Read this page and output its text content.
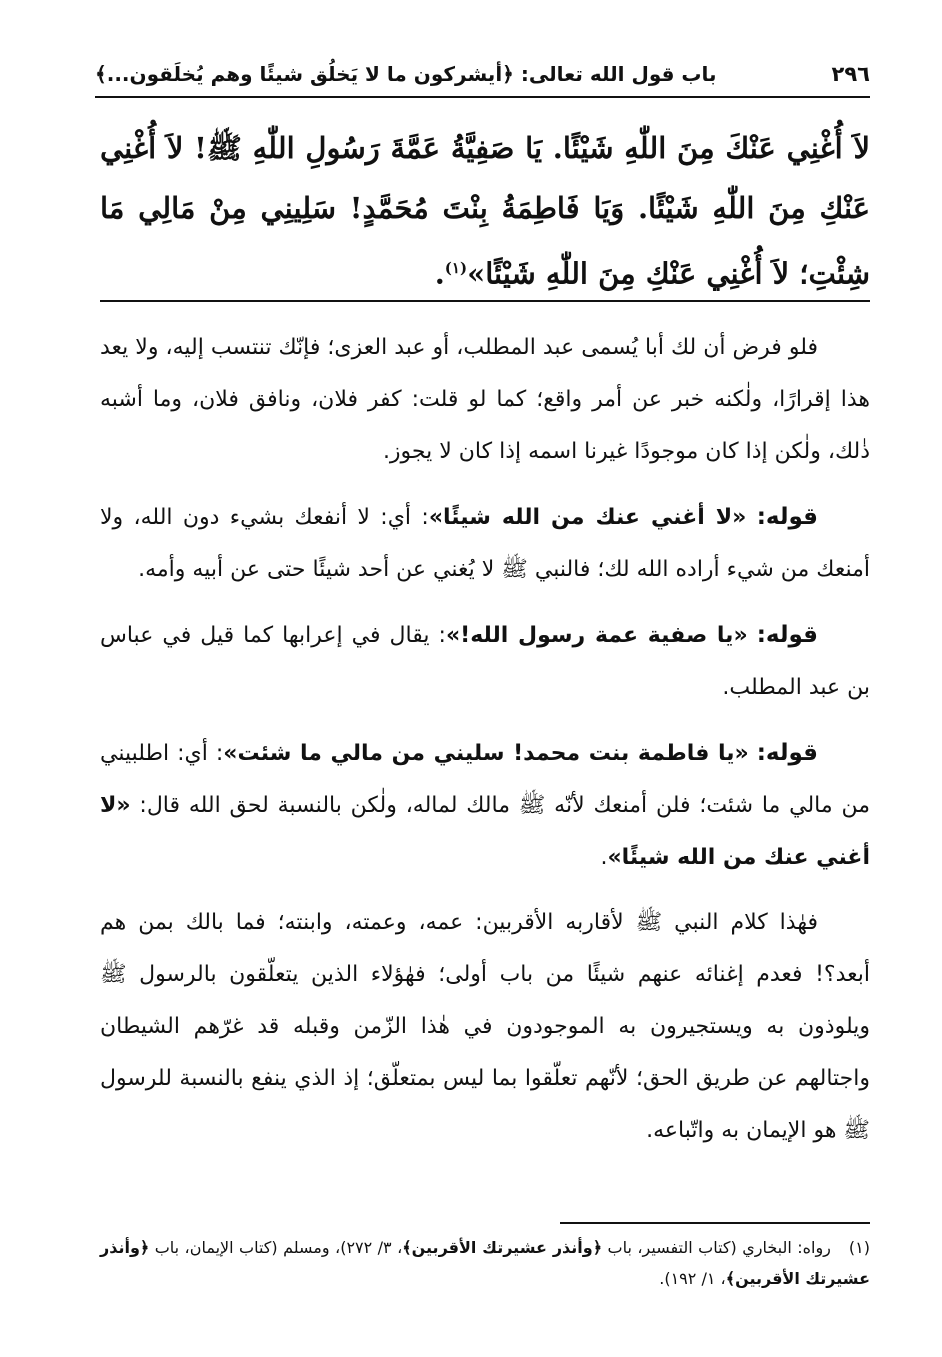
٢٩٦
باب قول الله تعالى: ﴿أيشركون ما لا يَخلُق شيئًا وهم يُخلَقون...﴾

لاَ أُغْنِي عَنْكَ مِنَ اللّٰهِ شَيْئًا. يَا صَفِيَّةُ عَمَّةَ رَسُولِ اللّٰهِ ﷺ! لاَ أُغْنِي عَنْكِ مِنَ اللّٰهِ شَيْئًا. وَيَا فَاطِمَةُ بِنْتَ مُحَمَّدٍ! سَلِينِي مِنْ مَالِي مَا شِئْتِ؛ لاَ أُغْنِي عَنْكِ مِنَ اللّٰهِ شَيْئًا»$^{(١)}$.

فلو فرض أن لك أبا يُسمى عبد المطلب، أو عبد العزى؛ فإنّك تنتسب إليه، ولا يعد هذا إقرارًا، ولٰكنه خبر عن أمر واقع؛ كما لو قلت: كفر فلان، ونافق فلان، وما أشبه ذٰلك، ولٰكن إذا كان موجودًا غيرنا اسمه إذا كان لا يجوز.

قوله: «لا أغني عنك من الله شيئًا»: أي: لا أنفعك بشيء دون الله، ولا أمنعك من شيء أراده الله لك؛ فالنبي ﷺ لا يُغني عن أحد شيئًا حتى عن أبيه وأمه.

قوله: «يا صفية عمة رسول الله!»: يقال في إعرابها كما قيل في عباس بن عبد المطلب.

قوله: «يا فاطمة بنت محمد! سليني من مالي ما شئت»: أي: اطلبيني من مالي ما شئت؛ فلن أمنعك لأنّه ﷺ مالك لماله، ولٰكن بالنسبة لحق الله قال: «لا أغني عنك من الله شيئًا».

فهٰذا كلام النبي ﷺ لأقاربه الأقربين: عمه، وعمته، وابنته؛ فما بالك بمن هم أبعد؟! فعدم إغنائه عنهم شيئًا من باب أولى؛ فهٰؤلاء الذين يتعلّقون بالرسول ﷺ ويلوذون به ويستجيرون به الموجودون في هٰذا الزّمن وقبله قد غرّهم الشيطان واجتالهم عن طريق الحق؛ لأنّهم تعلّقوا بما ليس بمتعلّق؛ إذ الذي ينفع بالنسبة للرسول ﷺ هو الإيمان به واتّباعه.

(١)رواه: البخاري (كتاب التفسير، باب ﴿وأنذر عشيرتك الأقربين﴾، ٣/ ٢٧٢)، ومسلم (كتاب الإيمان، باب ﴿وأنذر عشيرتك الأقربين﴾، ١/ ١٩٢).
